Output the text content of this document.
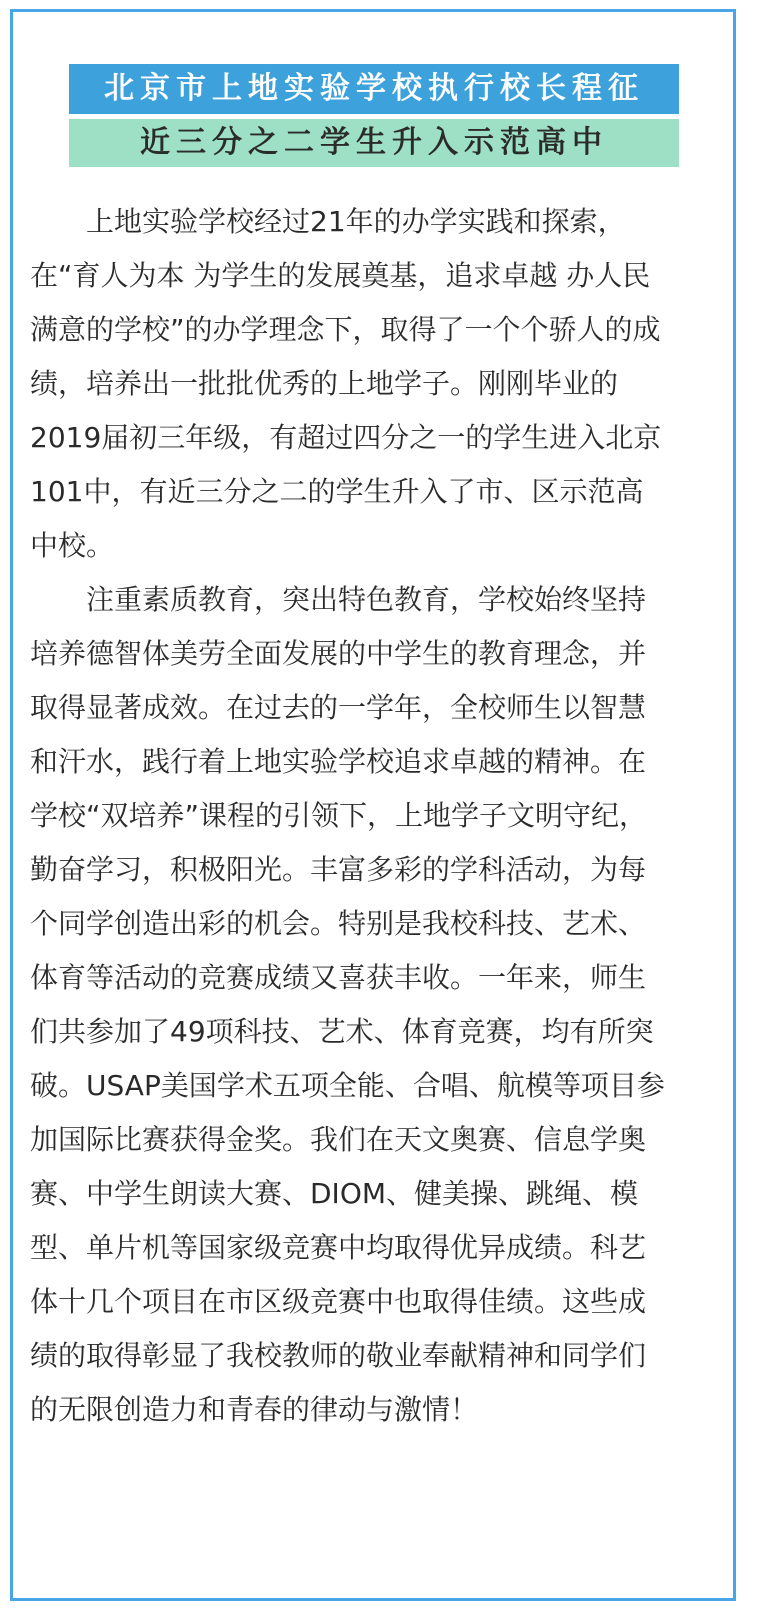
北京市上地实验学校执行校长程征
近三分之二学生升入示范高中

　　上地实验学校经过21年的办学实践和探索，
在“育人为本 为学生的发展奠基，追求卓越 办人民
满意的学校”的办学理念下，取得了一个个骄人的成
绩，培养出一批批优秀的上地学子。刚刚毕业的
2019届初三年级，有超过四分之一的学生进入北京
101中，有近三分之二的学生升入了市、区示范高
中校。

　　注重素质教育，突出特色教育，学校始终坚持
培养德智体美劳全面发展的中学生的教育理念，并
取得显著成效。在过去的一学年，全校师生以智慧
和汗水，践行着上地实验学校追求卓越的精神。在
学校“双培养”课程的引领下，上地学子文明守纪，
勤奋学习，积极阳光。丰富多彩的学科活动，为每
个同学创造出彩的机会。特别是我校科技、艺术、
体育等活动的竞赛成绩又喜获丰收。一年来，师生
们共参加了49项科技、艺术、体育竞赛，均有所突
破。USAP美国学术五项全能、合唱、航模等项目参
加国际比赛获得金奖。我们在天文奥赛、信息学奥
赛、中学生朗读大赛、DIOM、健美操、跳绳、模
型、单片机等国家级竞赛中均取得优异成绩。科艺
体十几个项目在市区级竞赛中也取得佳绩。这些成
绩的取得彰显了我校教师的敬业奉献精神和同学们
的无限创造力和青春的律动与激情！
